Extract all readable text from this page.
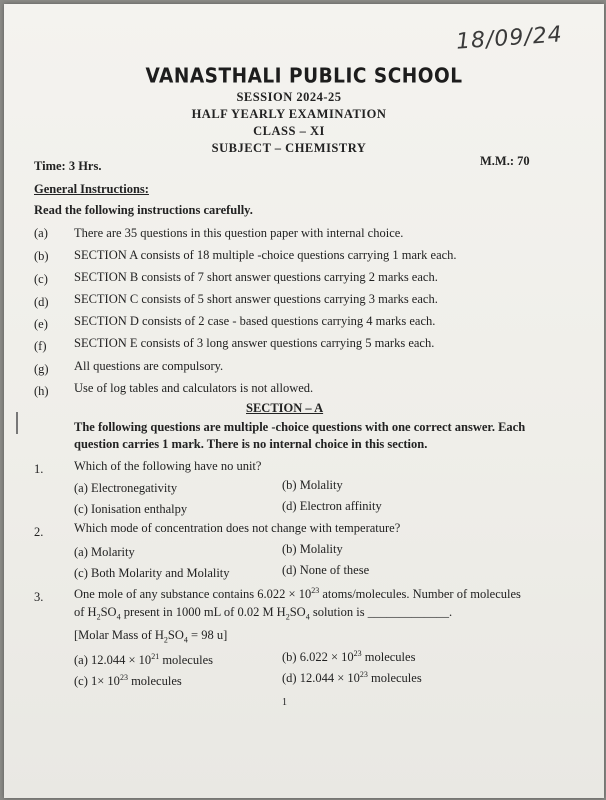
18/09/24
VANASTHALI PUBLIC SCHOOL
SESSION 2024-25
HALF YEARLY EXAMINATION
CLASS – XI
SUBJECT – CHEMISTRY
Time: 3 Hrs.	M.M.: 70
General Instructions:
Read the following instructions carefully.
(a) There are 35 questions in this question paper with internal choice.
(b) SECTION A consists of 18 multiple -choice questions carrying 1 mark each.
(c) SECTION B consists of 7 short answer questions carrying 2 marks each.
(d) SECTION C consists of 5 short answer questions carrying 3 marks each.
(e) SECTION D consists of 2 case - based questions carrying 4 marks each.
(f) SECTION E consists of 3 long answer questions carrying 5 marks each.
(g) All questions are compulsory.
(h) Use of log tables and calculators is not allowed.
SECTION – A
The following questions are multiple -choice questions with one correct answer. Each
question carries 1 mark. There is no internal choice in this section.
1. Which of the following have no unit?
(a) Electronegativity	(b) Molality
(c) Ionisation enthalpy	(d) Electron affinity
2. Which mode of concentration does not change with temperature?
(a) Molarity	(b) Molality
(c) Both Molarity and Molality	(d) None of these
3. One mole of any substance contains $6.022 \times 10^{23}$ atoms/molecules. Number of molecules
of $H_2SO_4$ present in 1000 mL of 0.02 M $H_2SO_4$ solution is _____________.
[Molar Mass of $H_2SO_4 = 98$ u]
(a) $12.044 \times 10^{21}$ molecules	(b) $6.022 \times 10^{23}$ molecules
(c) $1\times 10^{23}$ molecules	(d) $12.044 \times 10^{23}$ molecules
1
